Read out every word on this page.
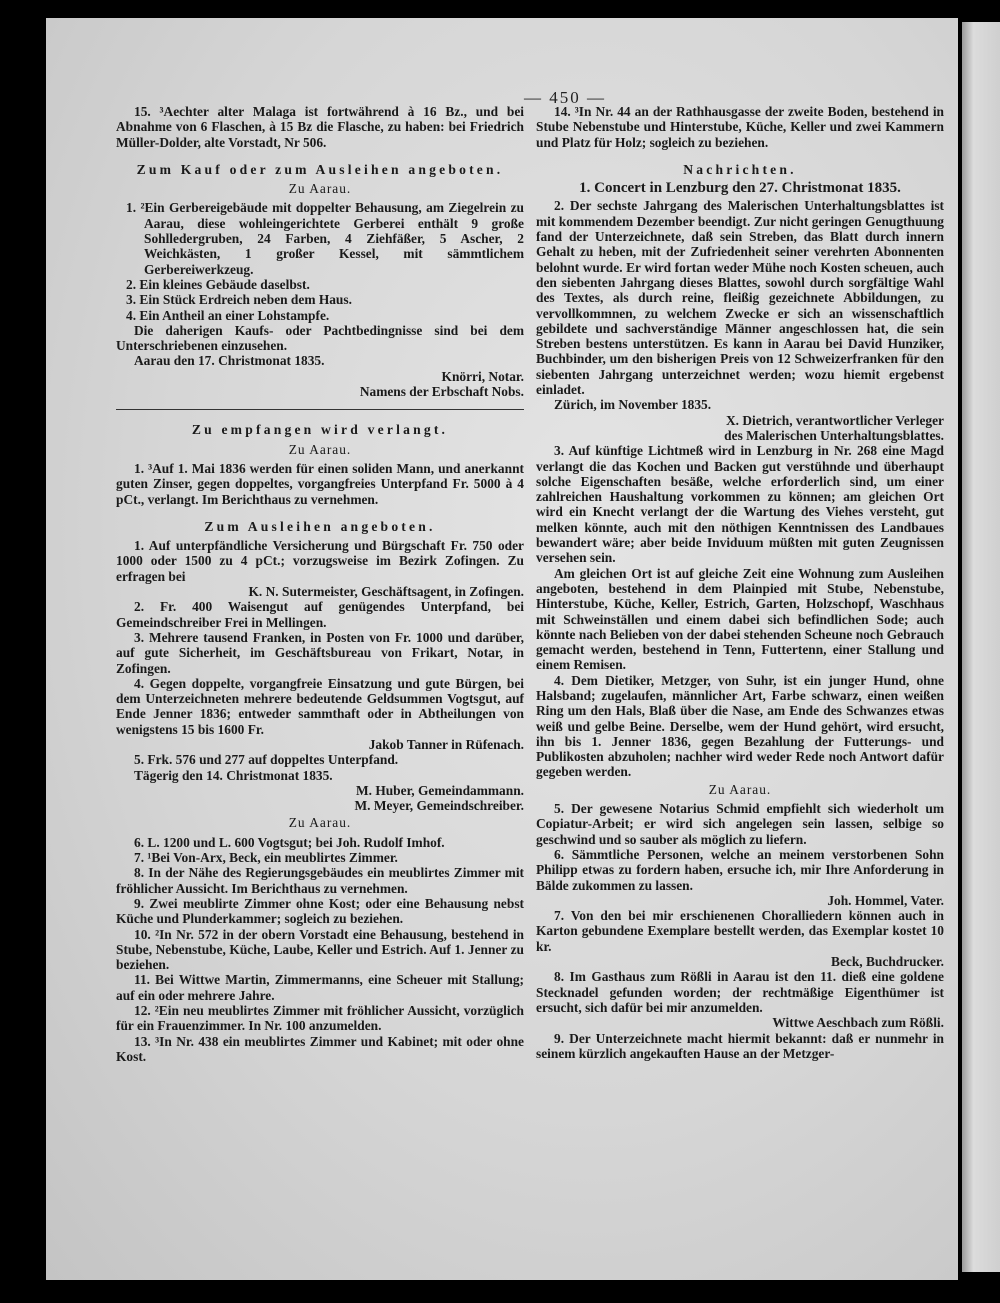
— 450 —
15. ³Aechter alter Malaga ist fortwährend à 16 Bz., und bei Abnahme von 6 Flaschen, à 15 Bz die Flasche, zu haben: bei Friedrich Müller-Dolder, alte Vorstadt, Nr 506.
Zum Kauf oder zum Ausleihen angeboten.
Zu Aarau.
1. ²Ein Gerbereigebäude mit doppelter Behausung, am Ziegelrein zu Aarau, diese wohleingerichtete Gerberei enthält 9 große Sohlledergruben, 24 Farben, 4 Ziehfäßer, 5 Ascher, 2 Weichkästen, 1 großer Kessel, mit sämmtlichem Gerbereiwerkzeug.
2. Ein kleines Gebäude daselbst.
3. Ein Stück Erdreich neben dem Haus.
4. Ein Antheil an einer Lohstampfe.
Die daherigen Kaufs- oder Pachtbedingnisse sind bei dem Unterschriebenen einzusehen.
Aarau den 17. Christmonat 1835.
Knörri, Notar.
Namens der Erbschaft Nobs.
Zu empfangen wird verlangt.
Zu Aarau.
1. ³Auf 1. Mai 1836 werden für einen soliden Mann, und anerkannt guten Zinser, gegen doppeltes, vorgangfreies Unterpfand Fr. 5000 à 4 pCt., verlangt. Im Berichthaus zu vernehmen.
Zum Ausleihen angeboten.
1. Auf unterpfändliche Versicherung und Bürgschaft Fr. 750 oder 1000 oder 1500 zu 4 pCt.; vorzugsweise im Bezirk Zofingen. Zu erfragen bei
K. N. Sutermeister, Geschäftsagent, in Zofingen.
2. Fr. 400 Waisengut auf genügendes Unterpfand, bei Gemeindschreiber Frei in Mellingen.
3. Mehrere tausend Franken, in Posten von Fr. 1000 und darüber, auf gute Sicherheit, im Geschäftsbureau von Frikart, Notar, in Zofingen.
4. Gegen doppelte, vorgangfreie Einsatzung und gute Bürgen, bei dem Unterzeichneten mehrere bedeutende Geldsummen Vogtsgut, auf Ende Jenner 1836; entweder sammthaft oder in Abtheilungen von wenigstens 15 bis 1600 Fr.
Jakob Tanner in Rüfenach.
5. Frk. 576 und 277 auf doppeltes Unterpfand.
Tägerig den 14. Christmonat 1835.
M. Huber, Gemeindammann.
M. Meyer, Gemeindschreiber.
Zu Aarau.
6. L. 1200 und L. 600 Vogtsgut; bei Joh. Rudolf Imhof.
7. ¹Bei Von-Arx, Beck, ein meublirtes Zimmer.
8. In der Nähe des Regierungsgebäudes ein meublirtes Zimmer mit fröhlicher Aussicht. Im Berichthaus zu vernehmen.
9. Zwei meublirte Zimmer ohne Kost; oder eine Behausung nebst Küche und Plunderkammer; sogleich zu beziehen.
10. ²In Nr. 572 in der obern Vorstadt eine Behausung, bestehend in Stube, Nebenstube, Küche, Laube, Keller und Estrich. Auf 1. Jenner zu beziehen.
11. Bei Wittwe Martin, Zimmermanns, eine Scheuer mit Stallung; auf ein oder mehrere Jahre.
12. ²Ein neu meublirtes Zimmer mit fröhlicher Aussicht, vorzüglich für ein Frauenzimmer. In Nr. 100 anzumelden.
13. ³In Nr. 438 ein meublirtes Zimmer und Kabinet; mit oder ohne Kost.
14. ³In Nr. 44 an der Rathhausgasse der zweite Boden, bestehend in Stube Nebenstube und Hinterstube, Küche, Keller und zwei Kammern und Platz für Holz; sogleich zu beziehen.
Nachrichten.
1. Concert in Lenzburg den 27. Christmonat 1835.
2. Der sechste Jahrgang des Malerischen Unterhaltungsblattes ist mit kommendem Dezember beendigt. Zur nicht geringen Genugthuung fand der Unterzeichnete, daß sein Streben, das Blatt durch innern Gehalt zu heben, mit der Zufriedenheit seiner verehrten Abonnenten belohnt wurde. Er wird fortan weder Mühe noch Kosten scheuen, auch den siebenten Jahrgang dieses Blattes, sowohl durch sorgfältige Wahl des Textes, als durch reine, fleißig gezeichnete Abbildungen, zu vervollkommnen, zu welchem Zwecke er sich an wissenschaftlich gebildete und sachverständige Männer angeschlossen hat, die sein Streben bestens unterstützen. Es kann in Aarau bei David Hunziker, Buchbinder, um den bisherigen Preis von 12 Schweizerfranken für den siebenten Jahrgang unterzeichnet werden; wozu hiemit ergebenst einladet.
Zürich, im November 1835.
X. Dietrich, verantwortlicher Verleger
des Malerischen Unterhaltungsblattes.
3. Auf künftige Lichtmeß wird in Lenzburg in Nr. 268 eine Magd verlangt die das Kochen und Backen gut verstühnde und überhaupt solche Eigenschaften besäße, welche erforderlich sind, um einer zahlreichen Haushaltung vorkommen zu können; am gleichen Ort wird ein Knecht verlangt der die Wartung des Viehes versteht, gut melken könnte, auch mit den nöthigen Kenntnissen des Landbaues bewandert wäre; aber beide Inviduum müßten mit guten Zeugnissen versehen sein.
Am gleichen Ort ist auf gleiche Zeit eine Wohnung zum Ausleihen angeboten, bestehend in dem Plainpied mit Stube, Nebenstube, Hinterstube, Küche, Keller, Estrich, Garten, Holzschopf, Waschhaus mit Schweinställen und einem dabei sich befindlichen Sode; auch könnte nach Belieben von der dabei stehenden Scheune noch Gebrauch gemacht werden, bestehend in Tenn, Futtertenn, einer Stallung und einem Remisen.
4. Dem Dietiker, Metzger, von Suhr, ist ein junger Hund, ohne Halsband; zugelaufen, männlicher Art, Farbe schwarz, einen weißen Ring um den Hals, Blaß über die Nase, am Ende des Schwanzes etwas weiß und gelbe Beine. Derselbe, wem der Hund gehört, wird ersucht, ihn bis 1. Jenner 1836, gegen Bezahlung der Futterungs- und Publikosten abzuholen; nachher wird weder Rede noch Antwort dafür gegeben werden.
Zu Aarau.
5. Der gewesene Notarius Schmid empfiehlt sich wiederholt um Copiatur-Arbeit; er wird sich angelegen sein lassen, selbige so geschwind und so sauber als möglich zu liefern.
6. Sämmtliche Personen, welche an meinem verstorbenen Sohn Philipp etwas zu fordern haben, ersuche ich, mir Ihre Anforderung in Bälde zukommen zu lassen.
Joh. Hommel, Vater.
7. Von den bei mir erschienenen Choralliedern können auch in Karton gebundene Exemplare bestellt werden, das Exemplar kostet 10 kr.
Beck, Buchdrucker.
8. Im Gasthaus zum Rößli in Aarau ist den 11. dieß eine goldene Stecknadel gefunden worden; der rechtmäßige Eigenthümer ist ersucht, sich dafür bei mir anzumelden.
Wittwe Aeschbach zum Rößli.
9. Der Unterzeichnete macht hiermit bekannt: daß er nunmehr in seinem kürzlich angekauften Hause an der Metzger-
